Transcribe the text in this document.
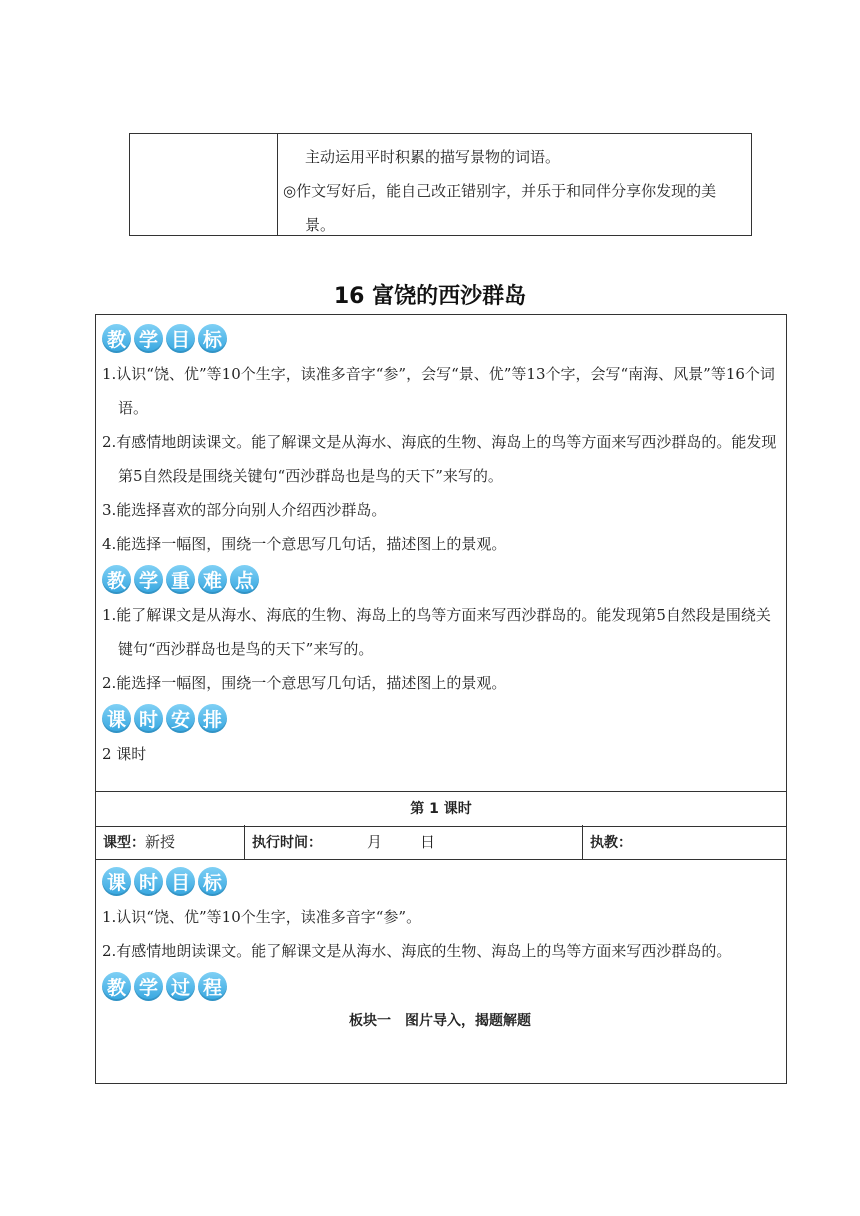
主动运用平时积累的描写景物的词语。
◎作文写好后，能自己改正错别字，并乐于和同伴分享你发现的美景。
16 富饶的西沙群岛
教 学 目 标
1.认识“饶、优”等10个生字，读准多音字“参”，会写“景、优”等13个字，会写“南海、风景”等16个词语。
2.有感情地朗读课文。能了解课文是从海水、海底的生物、海岛上的鸟等方面来写西沙群岛的。能发现第5自然段是围绕关键句“西沙群岛也是鸟的天下”来写的。
3.能选择喜欢的部分向别人介绍西沙群岛。
4.能选择一幅图，围绕一个意思写几句话，描述图上的景观。
教 学 重 难 点
1.能了解课文是从海水、海底的生物、海岛上的鸟等方面来写西沙群岛的。能发现第5自然段是围绕关键句“西沙群岛也是鸟的天下”来写的。
2.能选择一幅图，围绕一个意思写几句话，描述图上的景观。
课 时 安 排
2 课时
第 1 课时
课型：新授	执行时间：	月	日	执教：
课 时 目 标
1.认识“饶、优”等10个生字，读准多音字“参”。
2.有感情地朗读课文。能了解课文是从海水、海底的生物、海岛上的鸟等方面来写西沙群岛的。
教 学 过 程
板块一　图片导入，揭题解题
